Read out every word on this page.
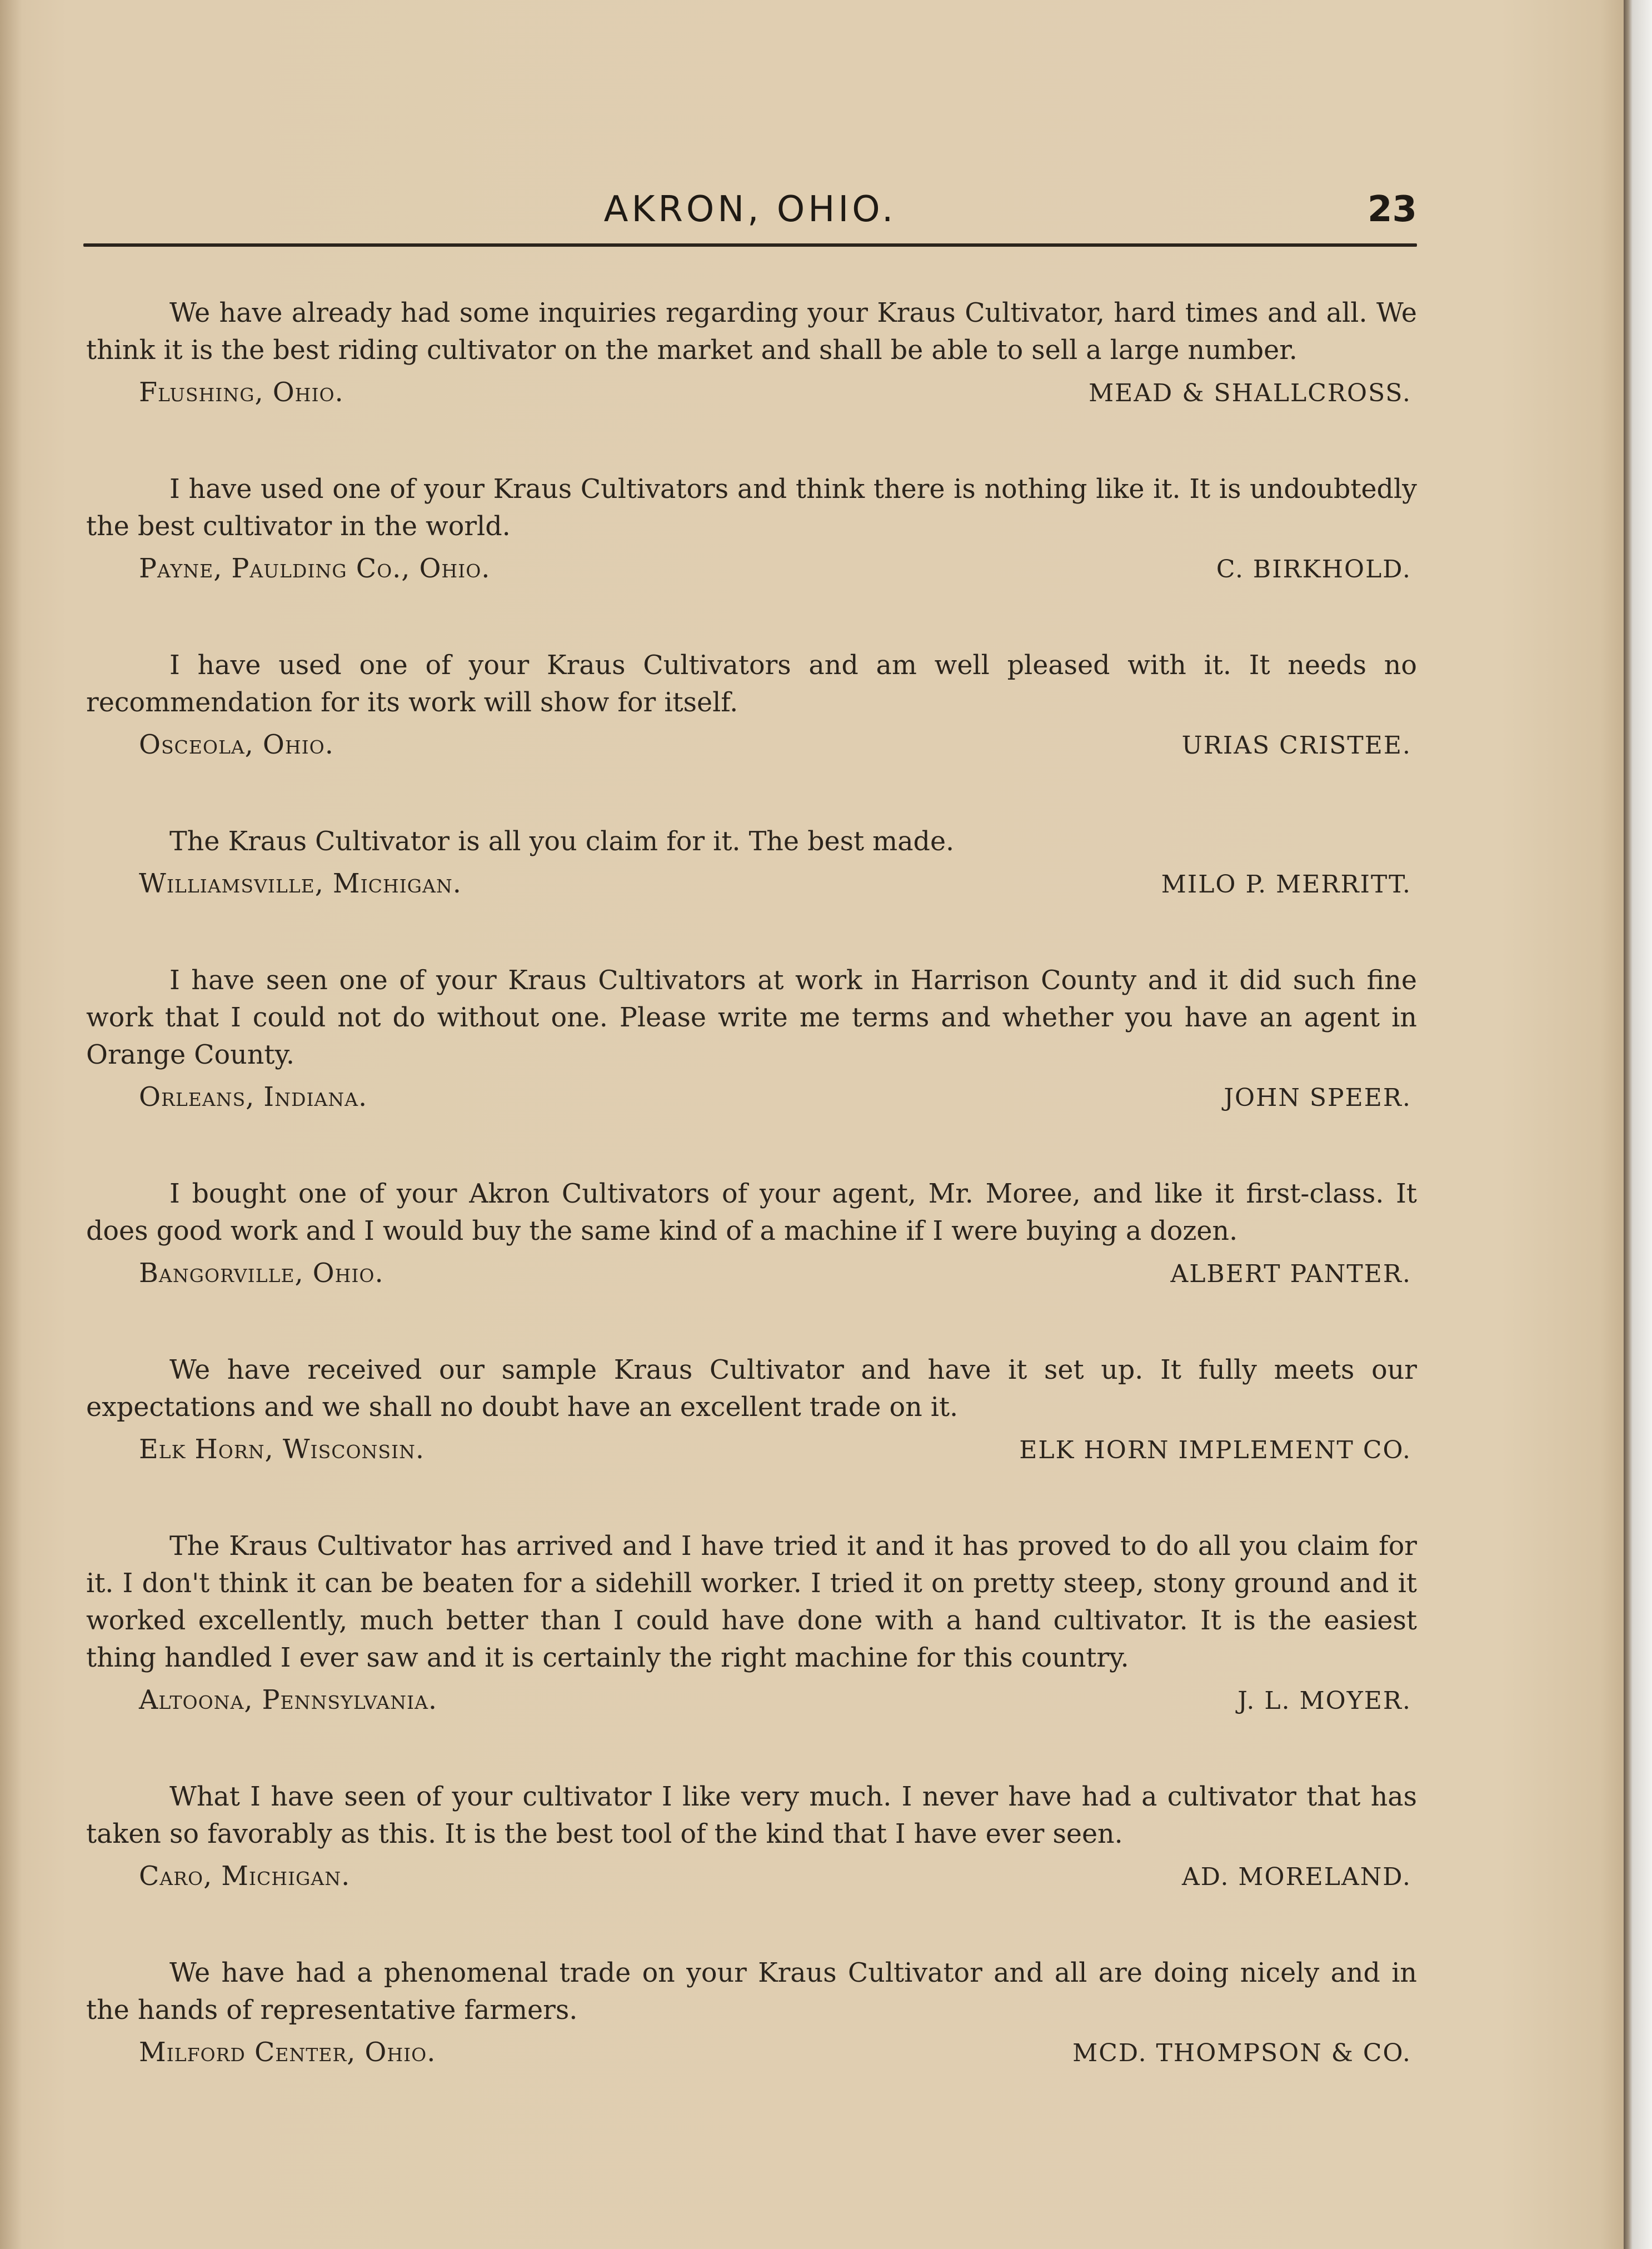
AKRON, OHIO.	23

We have already had some inquiries regarding your Kraus Cultivator, hard times and all. We think it is the best riding cultivator on the market and shall be able to sell a large number.

Flushing, Ohio.	MEAD & SHALLCROSS.

I have used one of your Kraus Cultivators and think there is nothing like it. It is undoubtedly the best cultivator in the world.

Payne, Paulding Co., Ohio.	C. BIRKHOLD.

I have used one of your Kraus Cultivators and am well pleased with it. It needs no recommendation for its work will show for itself.

Osceola, Ohio.	URIAS CRISTEE.

The Kraus Cultivator is all you claim for it. The best made.

Williamsville, Michigan.	MILO P. MERRITT.

I have seen one of your Kraus Cultivators at work in Harrison County and it did such fine work that I could not do without one. Please write me terms and whether you have an agent in Orange County.

Orleans, Indiana.	JOHN SPEER.

I bought one of your Akron Cultivators of your agent, Mr. Moree, and like it first-class. It does good work and I would buy the same kind of a machine if I were buying a dozen.

Bangorville, Ohio.	ALBERT PANTER.

We have received our sample Kraus Cultivator and have it set up. It fully meets our expectations and we shall no doubt have an excellent trade on it.

Elk Horn, Wisconsin.	ELK HORN IMPLEMENT CO.

The Kraus Cultivator has arrived and I have tried it and it has proved to do all you claim for it. I don't think it can be beaten for a sidehill worker. I tried it on pretty steep, stony ground and it worked excellently, much better than I could have done with a hand cultivator. It is the easiest thing handled I ever saw and it is certainly the right machine for this country.

Altoona, Pennsylvania.	J. L. MOYER.

What I have seen of your cultivator I like very much. I never have had a cultivator that has taken so favorably as this. It is the best tool of the kind that I have ever seen.

Caro, Michigan.	AD. MORELAND.

We have had a phenomenal trade on your Kraus Cultivator and all are doing nicely and in the hands of representative farmers.

Milford Center, Ohio.	MCD. THOMPSON & CO.
